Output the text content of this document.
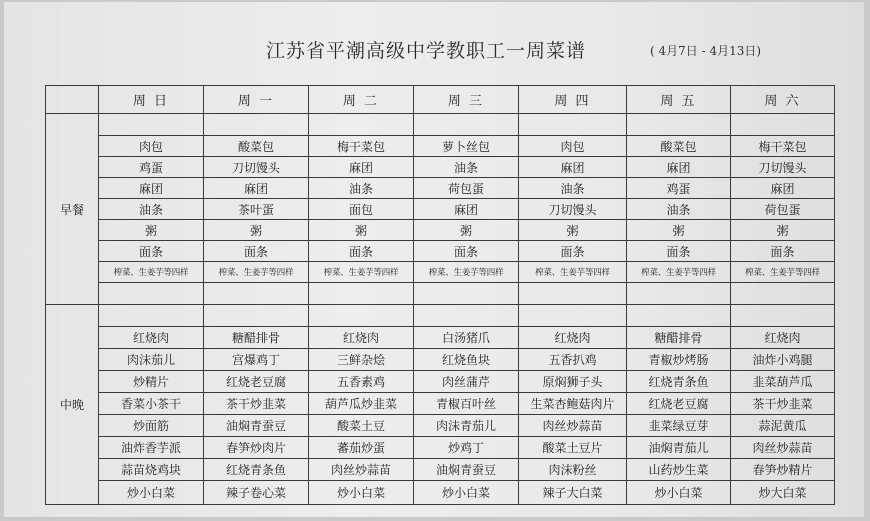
江苏省平潮高级中学教职工一周菜谱	( 4月7日 - 4月13日)
	周 日	周 一	周 二	周 三	周 四	周 五	周 六
早餐							
	肉包	酸菜包	梅干菜包	萝卜丝包	肉包	酸菜包	梅干菜包
	鸡蛋	刀切馒头	麻团	油条	麻团	麻团	刀切馒头
	麻团	麻团	油条	荷包蛋	油条	鸡蛋	麻团
	油条	茶叶蛋	面包	麻团	刀切馒头	油条	荷包蛋
	粥	粥	粥	粥	粥	粥	粥
	面条	面条	面条	面条	面条	面条	面条
	榨菜、生姜芋等四样	榨菜、生姜芋等四样	榨菜、生姜芋等四样	榨菜、生姜芋等四样	榨菜、生姜芋等四样	榨菜、生姜芋等四样	榨菜、生姜芋等四样

中晚							
	红烧肉	糖醋排骨	红烧肉	白汤猪爪	红烧肉	糖醋排骨	红烧肉
	肉沫茄儿	宫爆鸡丁	三鲜杂烩	红烧鱼块	五香扒鸡	青椒炒烤肠	油炸小鸡腿
	炒精片	红烧老豆腐	五香素鸡	肉丝蒲芹	原焖狮子头	红烧青条鱼	韭菜葫芦瓜
	香菜小茶干	茶干炒韭菜	葫芦瓜炒韭菜	青椒百叶丝	生菜杏鲍菇肉片	红烧老豆腐	茶干炒韭菜
	炒面筋	油焖青蚕豆	酸菜土豆	肉沫青茄儿	肉丝炒蒜苗	韭菜绿豆芽	蒜泥黄瓜
	油炸香芋派	春笋炒肉片	蕃茄炒蛋	炒鸡丁	酸菜土豆片	油焖青茄儿	肉丝炒蒜苗
	蒜苗烧鸡块	红烧青条鱼	肉丝炒蒜苗	油焖青蚕豆	肉沫粉丝	山药炒生菜	春笋炒精片
	炒小白菜	辣子卷心菜	炒小白菜	炒小白菜	辣子大白菜	炒小白菜	炒大白菜
